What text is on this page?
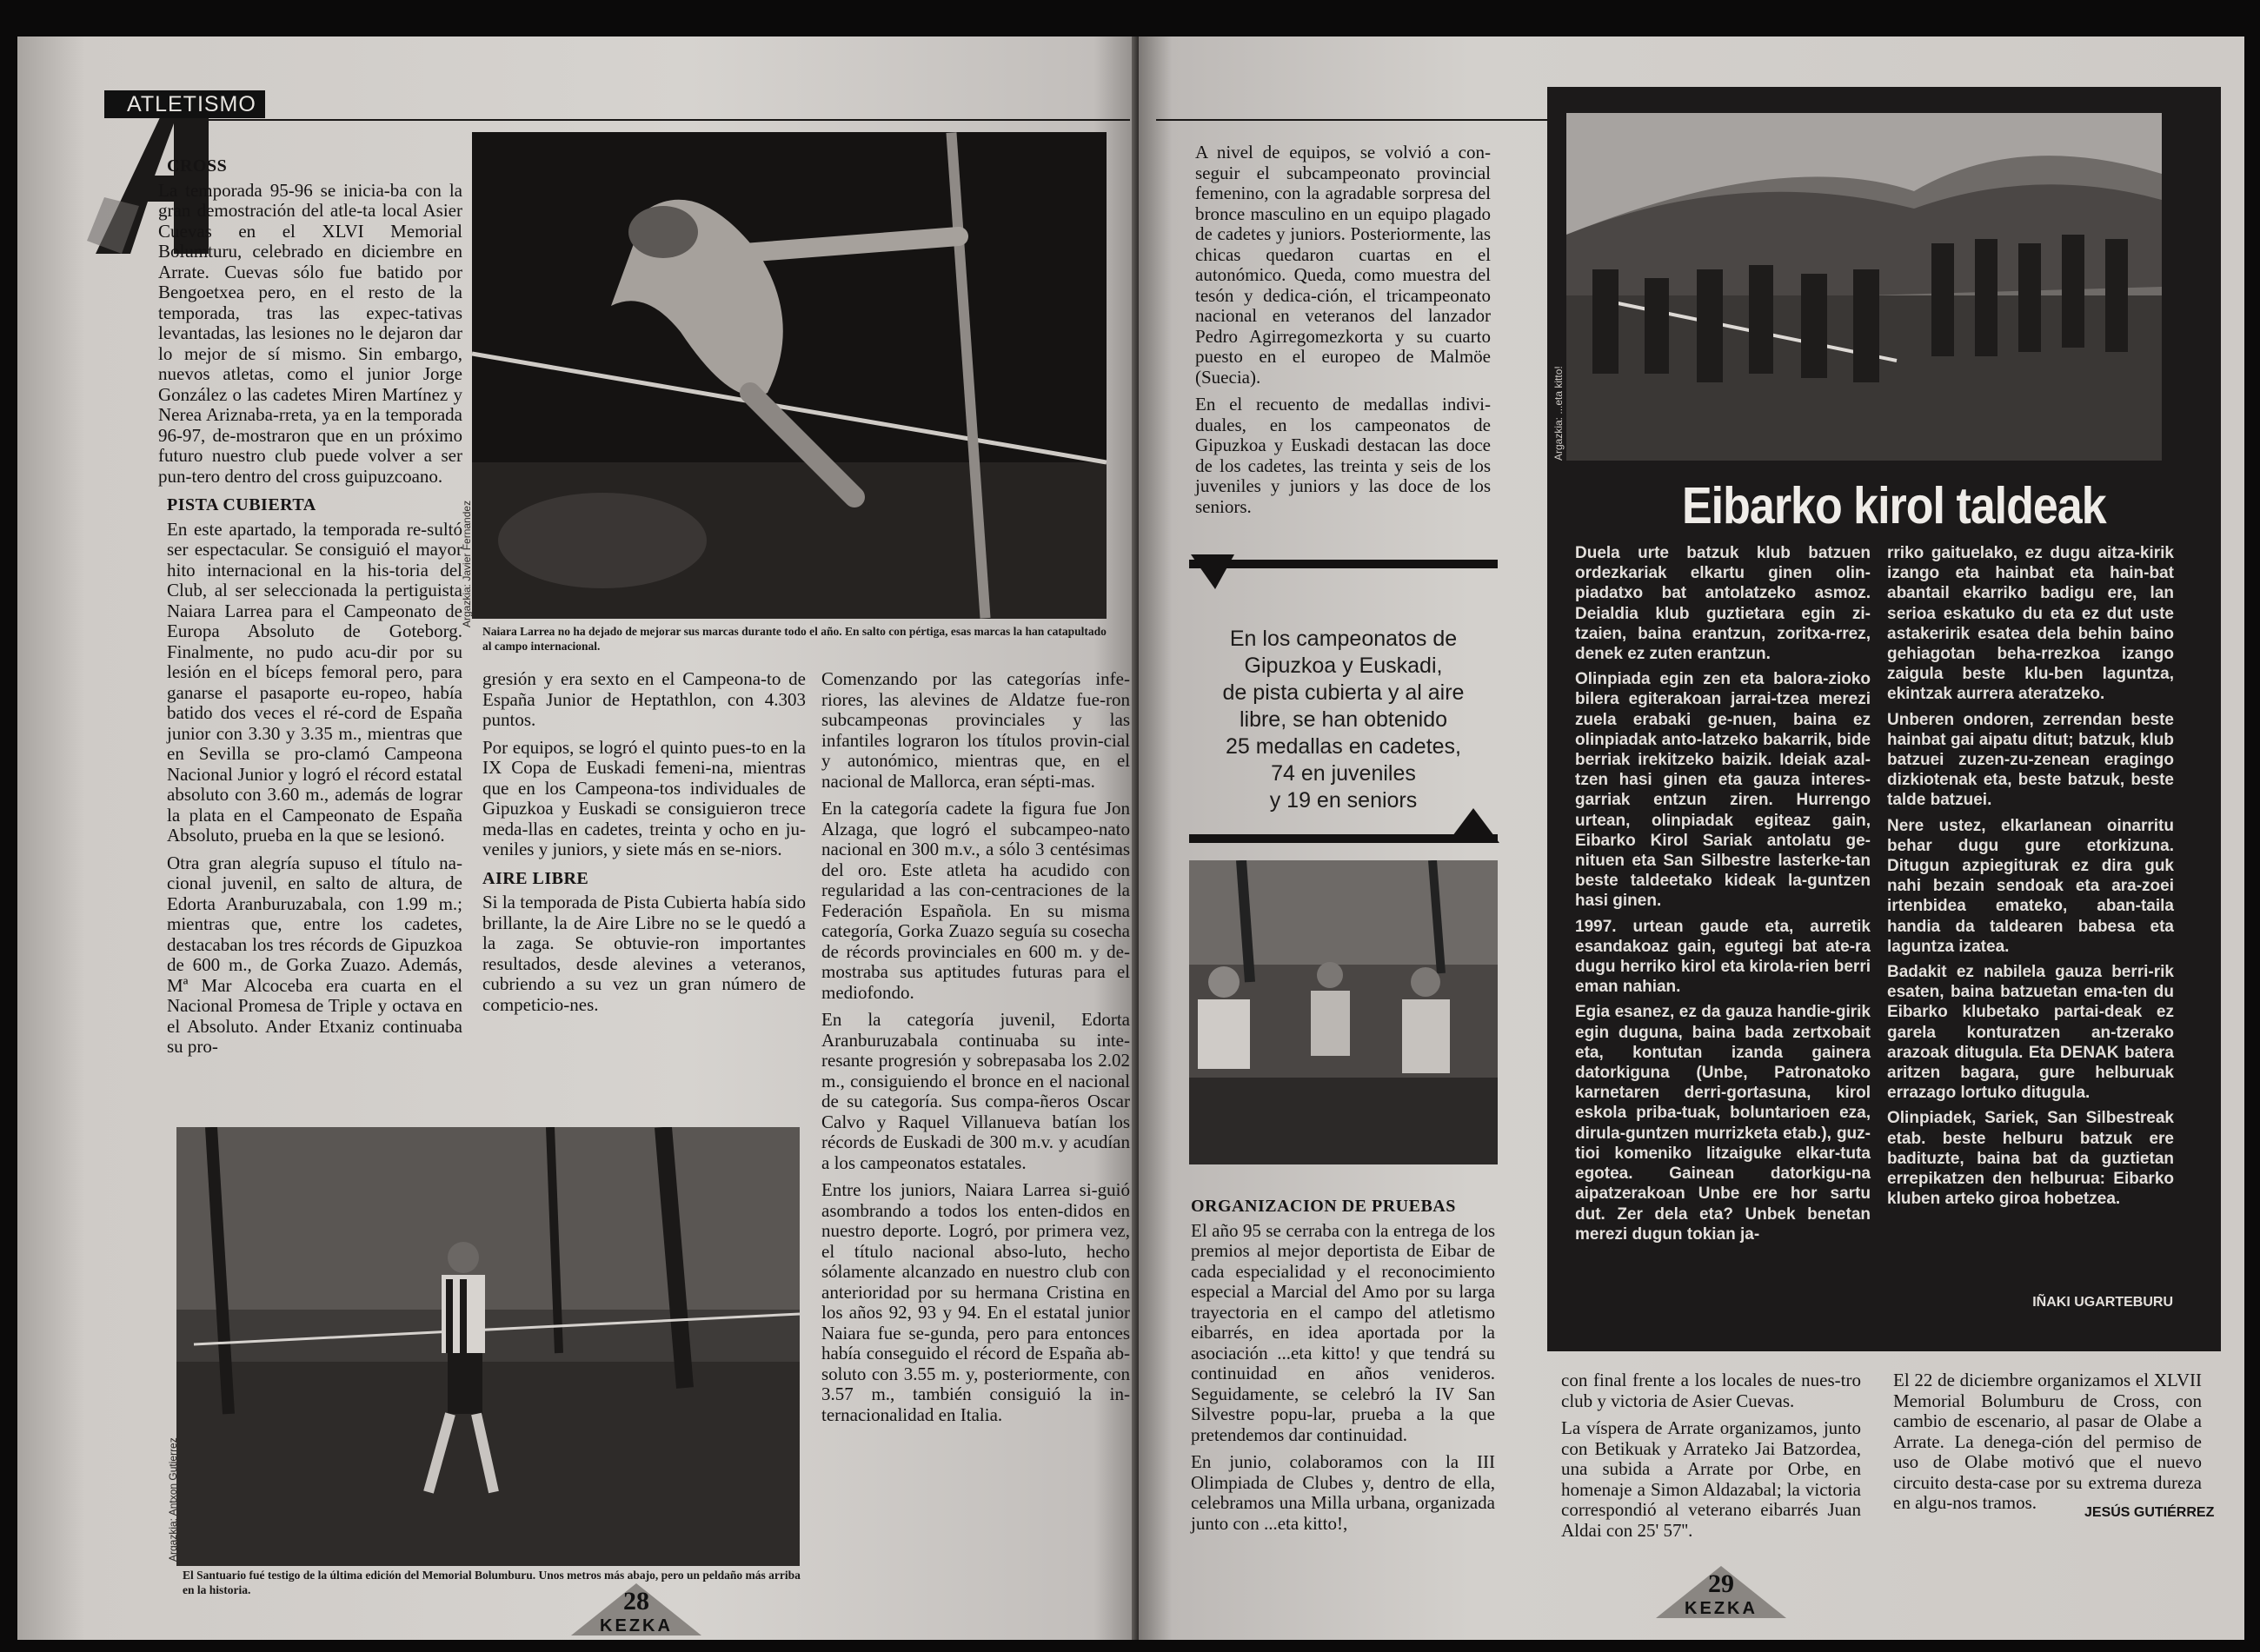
ATLETISMO
CROSS

La temporada 95-96 se inicia-ba con la gran demostración del atle-ta local Asier Cuevas en el XLVI Memorial Bolumturu, celebrado en diciembre en Arrate. Cuevas sólo fue batido por Bengoetxea pero, en el resto de la temporada, tras las expec-tativas levantadas, las lesiones no le dejaron dar lo mejor de sí mismo. Sin embargo, nuevos atletas, como el junior Jorge González o las cadetes Miren Martínez y Nerea Ariznaba-rreta, ya en la temporada 96-97, de-mostraron que en un próximo futuro nuestro club puede volver a ser pun-tero dentro del cross guipuzcoano.

PISTA CUBIERTA

En este apartado, la temporada re-sultó ser espectacular. Se consiguió el mayor hito internacional en la his-toria del Club, al ser seleccionada la pertiguista Naiara Larrea para el Campeonato de Europa Absoluto de Goteborg. Finalmente, no pudo acu-dir por su lesión en el bíceps femoral pero, para ganarse el pasaporte eu-ropeo, había batido dos veces el ré-cord de España junior con 3.30 y 3.35 m., mientras que en Sevilla se pro-clamó Campeona Nacional Junior y logró el récord estatal absoluto con 3.60 m., además de lograr la plata en el Campeonato de España Absoluto, prueba en la que se lesionó.

Otra gran alegría supuso el título na-cional juvenil, en salto de altura, de Edorta Aranburuzabala, con 1.99 m.; mientras que, entre los cadetes, destacaban los tres récords de Gipuzkoa de 600 m., de Gorka Zuazo. Además, Mª Mar Alcoceba era cuarta en el Nacional Promesa de Triple y octava en el Absoluto. Ander Etxaniz continuaba su pro-

Argazkia: Javier Fernandez
Naiara Larrea no ha dejado de mejorar sus marcas durante todo el año. En salto con pértiga, esas marcas la han catapultado al campo internacional.

gresión y era sexto en el Campeona-to de España Junior de Heptathlon, con 4.303 puntos.

Por equipos, se logró el quinto pues-to en la IX Copa de Euskadi femeni-na, mientras que en los Campeona-tos individuales de Gipuzkoa y Euskadi se consiguieron trece meda-llas en cadetes, treinta y ocho en ju-veniles y juniors, y siete más en se-niors.

AIRE LIBRE

Si la temporada de Pista Cubierta había sido brillante, la de Aire Libre no se le quedó a la zaga. Se obtuvie-ron importantes resultados, desde alevines a veteranos, cubriendo a su vez un gran número de competicio-nes.

Comenzando por las categorías infe-riores, las alevines de Aldatze fue-ron subcampeonas provinciales y las infantiles lograron los títulos provin-cial y autonómico, mientras que, en el nacional de Mallorca, eran sépti-mas.

En la categoría cadete la figura fue Jon Alzaga, que logró el subcampeo-nato nacional en 300 m.v., a sólo 3 centésimas del oro. Este atleta ha acudido con regularidad a las con-centraciones de la Federación Española. En su misma categoría, Gorka Zuazo seguía su cosecha de récords provinciales en 600 m. y de-mostraba sus aptitudes futuras para el mediofondo.

En la categoría juvenil, Edorta Aranburuzabala continuaba su inte-resante progresión y sobrepasaba los 2.02 m., consiguiendo el bronce en el nacional de su categoría. Sus compa-ñeros Oscar Calvo y Raquel Villanueva batían los récords de Euskadi de 300 m.v. y acudían a los campeonatos estatales.

Entre los juniors, Naiara Larrea si-guió asombrando a todos los enten-didos en nuestro deporte. Logró, por primera vez, el título nacional abso-luto, hecho sólamente alcanzado en nuestro club con anterioridad por su hermana Cristina en los años 92, 93 y 94. En el estatal junior Naiara fue se-gunda, pero para entonces había conseguido el récord de España ab-soluto con 3.55 m. y, posteriormente, con 3.57 m., también consiguió la in-ternacionalidad en Italia.

Argazkia: Antxon Gutierrez
El Santuario fué testigo de la última edición del Memorial Bolumburu. Unos metros más abajo, pero un peldaño más arriba en la historia.	28
KEZKA

A nivel de equipos, se volvió a con-seguir el subcampeonato provincial femenino, con la agradable sorpresa del bronce masculino en un equipo plagado de cadetes y juniors. Posteriormente, las chicas quedaron cuartas en el autonómico. Queda, como muestra del tesón y dedica-ción, el tricampeonato nacional en veteranos del lanzador Pedro Agirregomezkorta y su cuarto puesto en el europeo de Malmöe (Suecia).

En el recuento de medallas indivi-duales, en los campeonatos de Gipuzkoa y Euskadi destacan las doce de los cadetes, las treinta y seis de los juveniles y juniors y las doce de los seniors.

En los campeonatos de
Gipuzkoa y Euskadi,
de pista cubierta y al aire
libre, se han obtenido
25 medallas en cadetes,
74 en juveniles
y 19 en seniors
ORGANIZACION DE PRUEBAS

El año 95 se cerraba con la entrega de los premios al mejor deportista de Eibar de cada especialidad y el reconocimiento especial a Marcial del Amo por su larga trayectoria en el campo del atletismo eibarrés, en idea aportada por la asociación ...eta kitto! y que tendrá su continuidad en años venideros. Seguidamente, se celebró la IV San Silvestre popu-lar, prueba a la que pretendemos dar continuidad.

En junio, colaboramos con la III Olimpiada de Clubes y, dentro de ella, celebramos una Milla urbana, organizada junto con ...eta kitto!,

Argazkia: ...eta kitto!
Eibarko kirol taldeak

Duela urte batzuk klub batzuen ordezkariak elkartu ginen olin-piadatxo bat antolatzeko asmoz. Deialdia klub guztietara egin zi-tzaien, baina erantzun, zoritxa-rrez, denek ez zuten erantzun.

Olinpiada egin zen eta balora-zioko bilera egiterakoan jarrai-tzea merezi zuela erabaki ge-nuen, baina ez olinpiadak anto-latzeko bakarrik, bide berriak irekitzeko baizik. Ideiak azal-tzen hasi ginen eta gauza interes-garriak entzun ziren. Hurrengo urtean, olinpiadak egiteaz gain, Eibarko Kirol Sariak antolatu ge-nituen eta San Silbestre lasterke-tan beste taldeetako kideak la-guntzen hasi ginen.

1997. urtean gaude eta, aurretik esandakoaz gain, egutegi bat ate-ra dugu herriko kirol eta kirola-rien berri eman nahian.

Egia esanez, ez da gauza handie-girik egin duguna, baina bada zertxobait eta, kontutan izanda gainera datorkiguna (Unbe, Patronatoko karnetaren derri-gortasuna, kirol eskola priba-tuak, boluntarioen eza, dirula-guntzen murrizketa etab.), guz-tioi komeniko litzaiguke elkar-tuta egotea. Gainean datorkigu-na aipatzerakoan Unbe ere hor sartu dut. Zer dela eta? Unbek benetan merezi dugun tokian ja-

rriko gaituelako, ez dugu aitza-kirik izango eta hainbat eta hain-bat abantail ekarriko badigu ere, lan serioa eskatuko du eta ez dut uste astakeririk esatea dela behin baino gehiagotan beha-rrezkoa izango zaigula beste klu-ben laguntza, ekintzak aurrera ateratzeko.

Unberen ondoren, zerrendan beste hainbat gai aipatu ditut; batzuk, klub batzuei zuzen-zu-zenean eragingo dizkiotenak eta, beste batzuk, beste talde batzuei.

Nere ustez, elkarlanean oinarritu behar dugu gure etorkizuna. Ditugun azpiegiturak ez dira guk nahi bezain sendoak eta ara-zoei irtenbidea emateko, aban-taila handia da taldearen babesa eta laguntza izatea.

Badakit ez nabilela gauza berri-rik esaten, baina batzuetan ema-ten du Eibarko klubetako partai-deak ez garela konturatzen an-tzerako arazoak ditugula. Eta DENAK batera aritzen bagara, gure helburuak errazago lortuko ditugula.

Olinpiadek, Sariek, San Silbestreak etab. beste helburu batzuk ere badituzte, baina bat da guztietan errepikatzen den helburua: Eibarko kluben arteko giroa hobetzea.

IÑAKI UGARTEBURU

con final frente a los locales de nues-tro club y victoria de Asier Cuevas.

La víspera de Arrate organizamos, junto con Betikuak y Arrateko Jai Batzordea, una subida a Arrate por Orbe, en homenaje a Simon Aldazabal; la victoria correspondió al veterano eibarrés Juan Aldai con 25' 57''.

El 22 de diciembre organizamos el XLVII Memorial Bolumburu de Cross, con cambio de escenario, al pasar de Olabe a Arrate. La denega-ción del permiso de uso de Olabe motivó que el nuevo circuito desta-case por su extrema dureza en algu-nos tramos.	JESÚS GUTIÉRREZ
29
KEZKA
